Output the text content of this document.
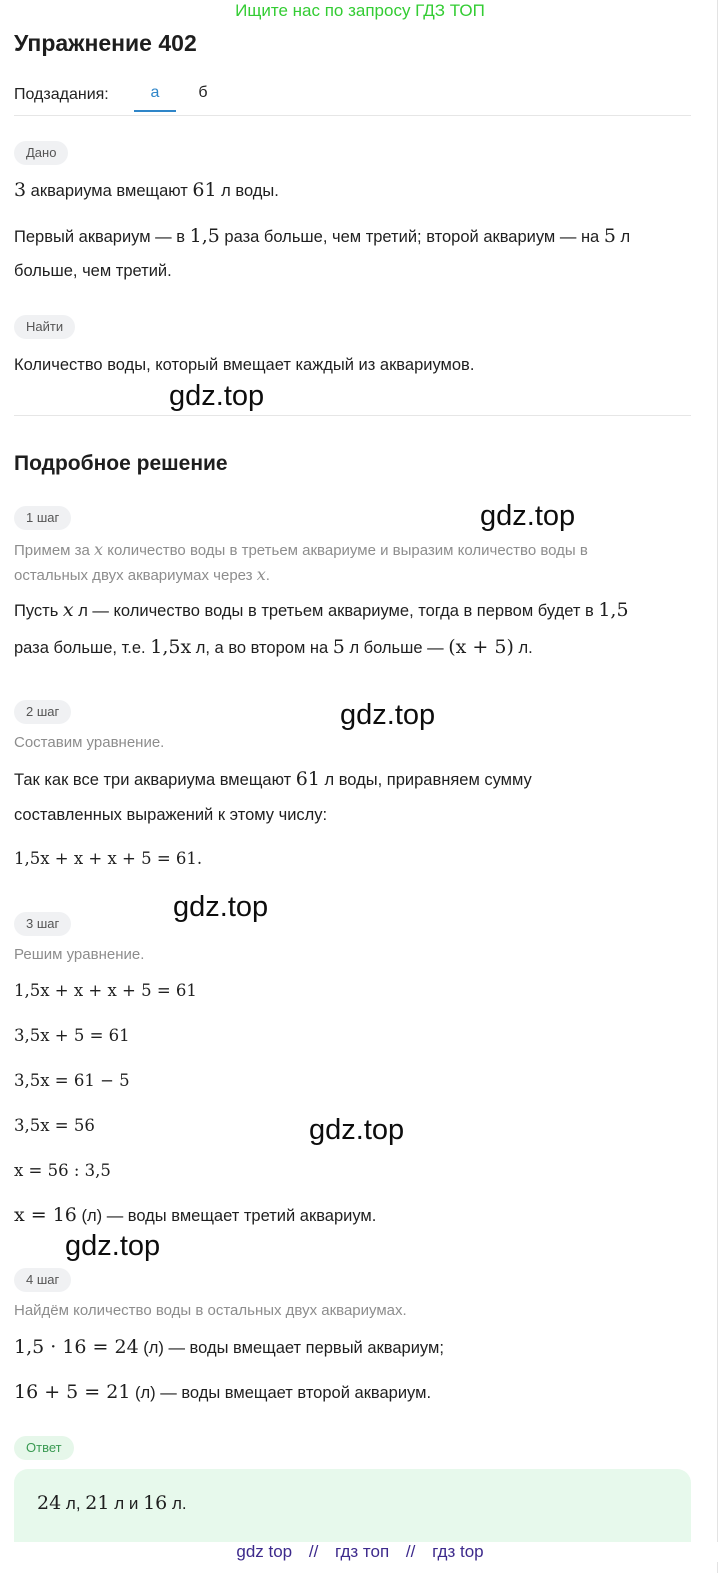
Ищите нас по запросу ГДЗ ТОП
Упражнение 402
Подзадания:	а	б
Дано
3 аквариума вмещают 61 л воды.
Первый аквариум — в 1,5 раза больше, чем третий; второй аквариум — на 5 л
больше, чем третий.
Найти
Количество воды, который вмещает каждый из аквариумов.
gdz.top
Подробное решение
1 шаг	gdz.top
Примем за x количество воды в третьем аквариуме и выразим количество воды в
остальных двух аквариумах через x.
Пусть x л — количество воды в третьем аквариуме, тогда в первом будет в 1,5
раза больше, т.е. 1,5x л, а во втором на 5 л больше — (x + 5) л.
2 шаг	gdz.top
Составим уравнение.
Так как все три аквариума вмещают 61 л воды, приравняем сумму
составленных выражений к этому числу:
1,5x + x + x + 5 = 61.
3 шаг
gdz.top
Решим уравнение.
1,5x + x + x + 5 = 61
3,5x + 5 = 61
3,5x = 61 − 5
3,5x = 56	gdz.top
x = 56 : 3,5
x = 16 (л) — воды вмещает третий аквариум.
gdz.top
4 шаг
Найдём количество воды в остальных двух аквариумах.
1,5 · 16 = 24 (л) — воды вмещает первый аквариум;
16 + 5 = 21 (л) — воды вмещает второй аквариум.
Ответ
24 л, 21 л и 16 л.
gdz top // гдз топ // гдз top
